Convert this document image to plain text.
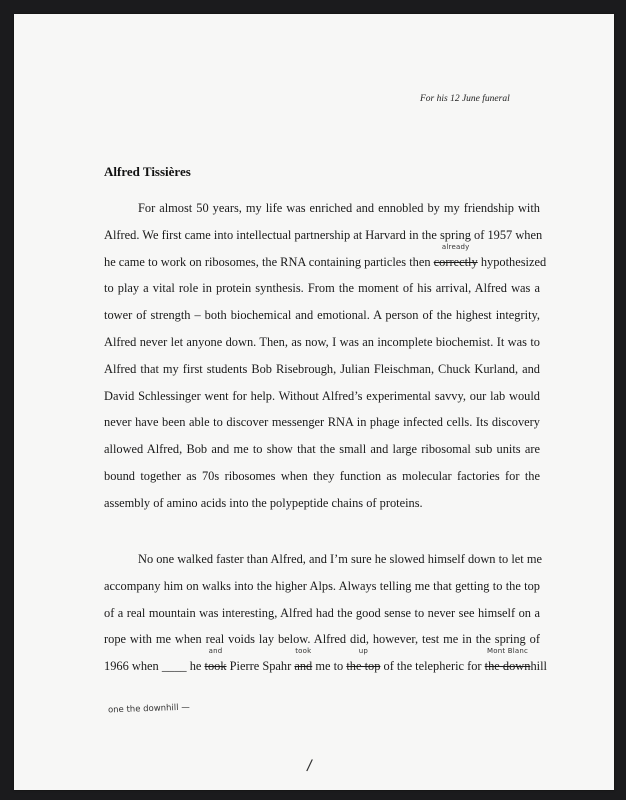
For his 12 June funeral
Alfred Tissières
For almost 50 years, my life was enriched and ennobled by my friendship with
Alfred. We first came into intellectual partnership at Harvard in the spring of 1957 when
he came to work on ribosomes, the RNA containing particles then
already
correctly hypothesized
to play a vital role in protein synthesis. From the moment of his arrival, Alfred was a
tower of strength – both biochemical and emotional. A person of the highest integrity,
Alfred never let anyone down. Then, as now, I was an incomplete biochemist. It was to
Alfred that my first students Bob Risebrough, Julian Fleischman, Chuck Kurland, and
David Schlessinger went for help. Without Alfred’s experimental savvy, our lab would
never have been able to discover messenger RNA in phage infected cells. Its discovery
allowed Alfred, Bob and me to show that the small and large ribosomal sub units are
bound together as 70s ribosomes when they function as molecular factories for the
assembly of amino acids into the polypeptide chains of proteins.
No one walked faster than Alfred, and I’m sure he slowed himself down to let me
accompany him on walks into the higher Alps. Always telling me that getting to the top
of a real mountain was interesting, Alfred had the good sense to never see himself on a
rope with me when real voids lay below. Alfred did, however, test me in the spring of
1966 when ____ he
and
took Pierre Spahr
took
and me to
up
the top of the telepheric for
Mont Blanc
the downhill
one the downhill —
/
